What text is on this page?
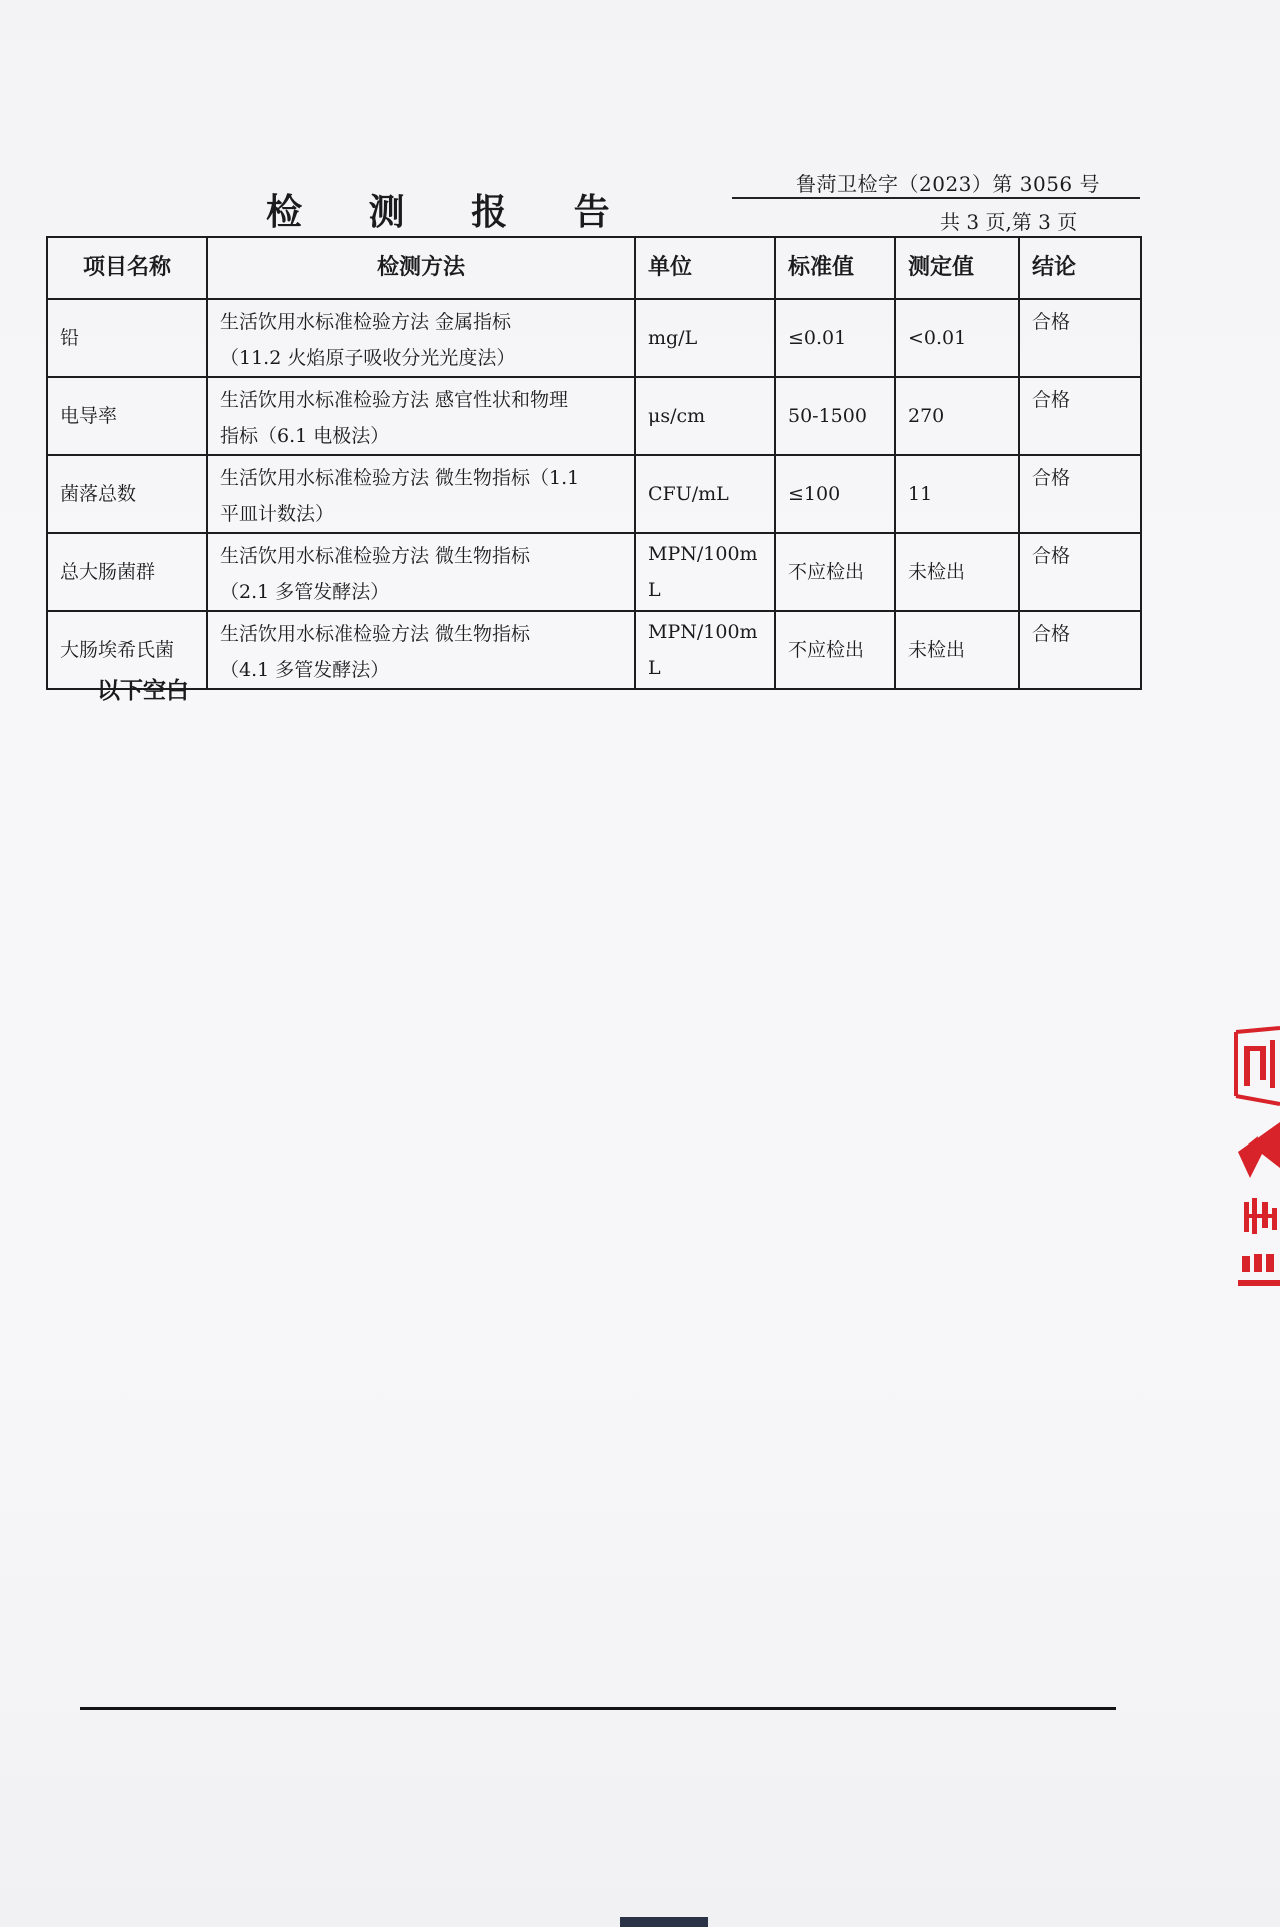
检 测 报 告
鲁菏卫检字（2023）第 3056 号
共 3 页,第 3 页
项目名称	检测方法	单位	标准值	测定值	结论
铅	生活饮用水标准检验方法 金属指标
（11.2 火焰原子吸收分光光度法）	mg/L	≤0.01	<0.01	合格
电导率	生活饮用水标准检验方法 感官性状和物理
指标（6.1 电极法）	μs/cm	50-1500	270	合格
菌落总数	生活饮用水标准检验方法 微生物指标（1.1
平皿计数法）	CFU/mL	≤100	11	合格
总大肠菌群	生活饮用水标准检验方法 微生物指标
（2.1 多管发酵法）	MPN/100mL	不应检出	未检出	合格
大肠埃希氏菌	生活饮用水标准检验方法 微生物指标
（4.1 多管发酵法）	MPN/100mL	不应检出	未检出	合格
以下空白
